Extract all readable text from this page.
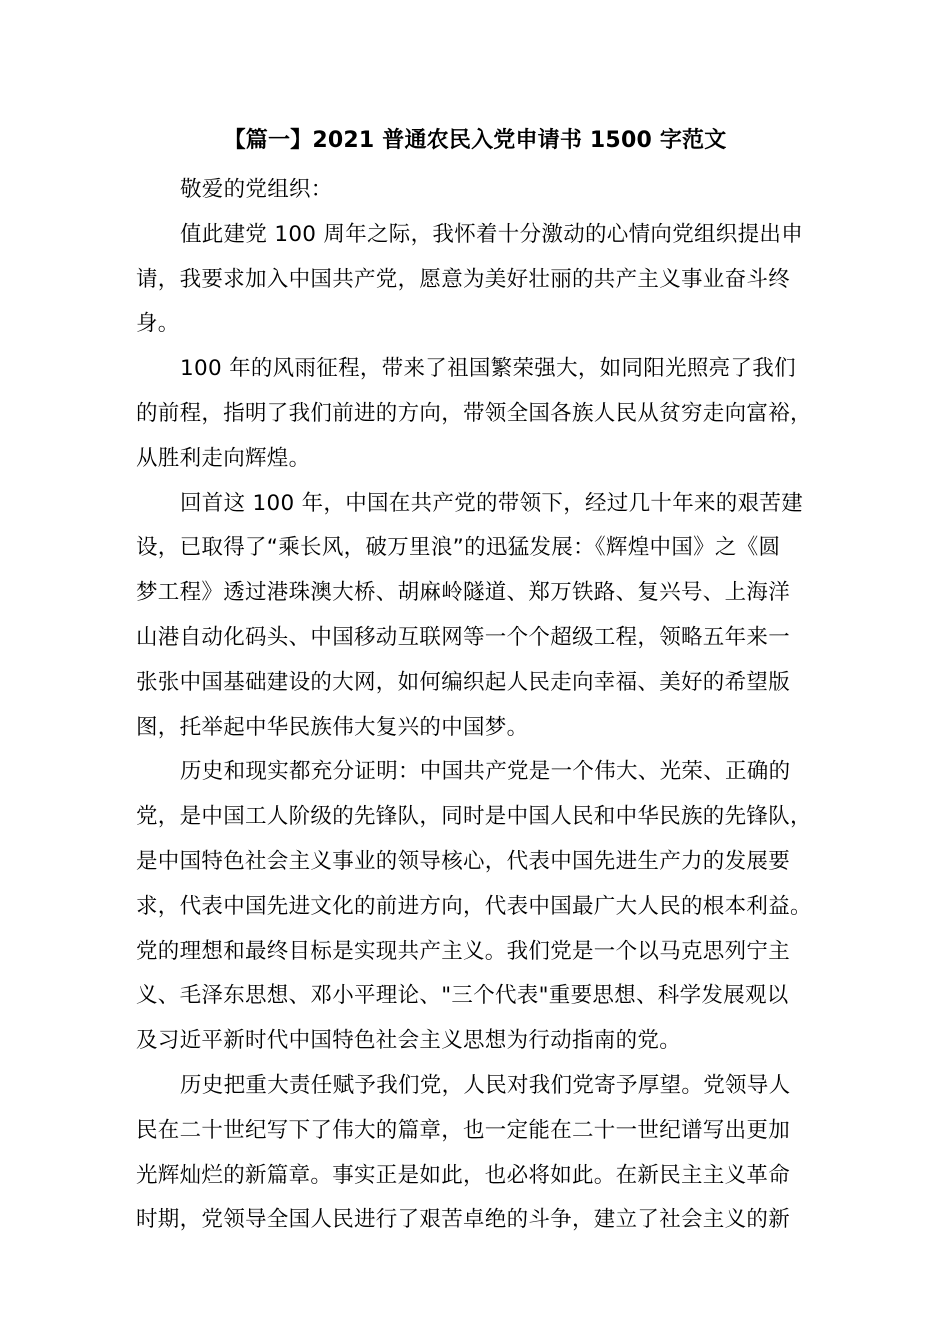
【篇一】2021 普通农民入党申请书 1500 字范文
敬爱的党组织：
值此建党 100 周年之际，我怀着十分激动的心情向党组织提出申
请，我要求加入中国共产党，愿意为美好壮丽的共产主义事业奋斗终
身。
100 年的风雨征程，带来了祖国繁荣强大，如同阳光照亮了我们
的前程，指明了我们前进的方向，带领全国各族人民从贫穷走向富裕，
从胜利走向辉煌。
回首这 100 年，中国在共产党的带领下，经过几十年来的艰苦建
设，已取得了“乘长风，破万里浪”的迅猛发展：《辉煌中国》之《圆
梦工程》透过港珠澳大桥、胡麻岭隧道、郑万铁路、复兴号、上海洋
山港自动化码头、中国移动互联网等一个个超级工程，领略五年来一
张张中国基础建设的大网，如何编织起人民走向幸福、美好的希望版
图，托举起中华民族伟大复兴的中国梦。
历史和现实都充分证明：中国共产党是一个伟大、光荣、正确的
党，是中国工人阶级的先锋队，同时是中国人民和中华民族的先锋队，
是中国特色社会主义事业的领导核心，代表中国先进生产力的发展要
求，代表中国先进文化的前进方向，代表中国最广大人民的根本利益。
党的理想和最终目标是实现共产主义。我们党是一个以马克思列宁主
义、毛泽东思想、邓小平理论、"三个代表"重要思想、科学发展观以
及习近平新时代中国特色社会主义思想为行动指南的党。
历史把重大责任赋予我们党，人民对我们党寄予厚望。党领导人
民在二十世纪写下了伟大的篇章，也一定能在二十一世纪谱写出更加
光辉灿烂的新篇章。事实正是如此，也必将如此。在新民主主义革命
时期，党领导全国人民进行了艰苦卓绝的斗争，建立了社会主义的新
